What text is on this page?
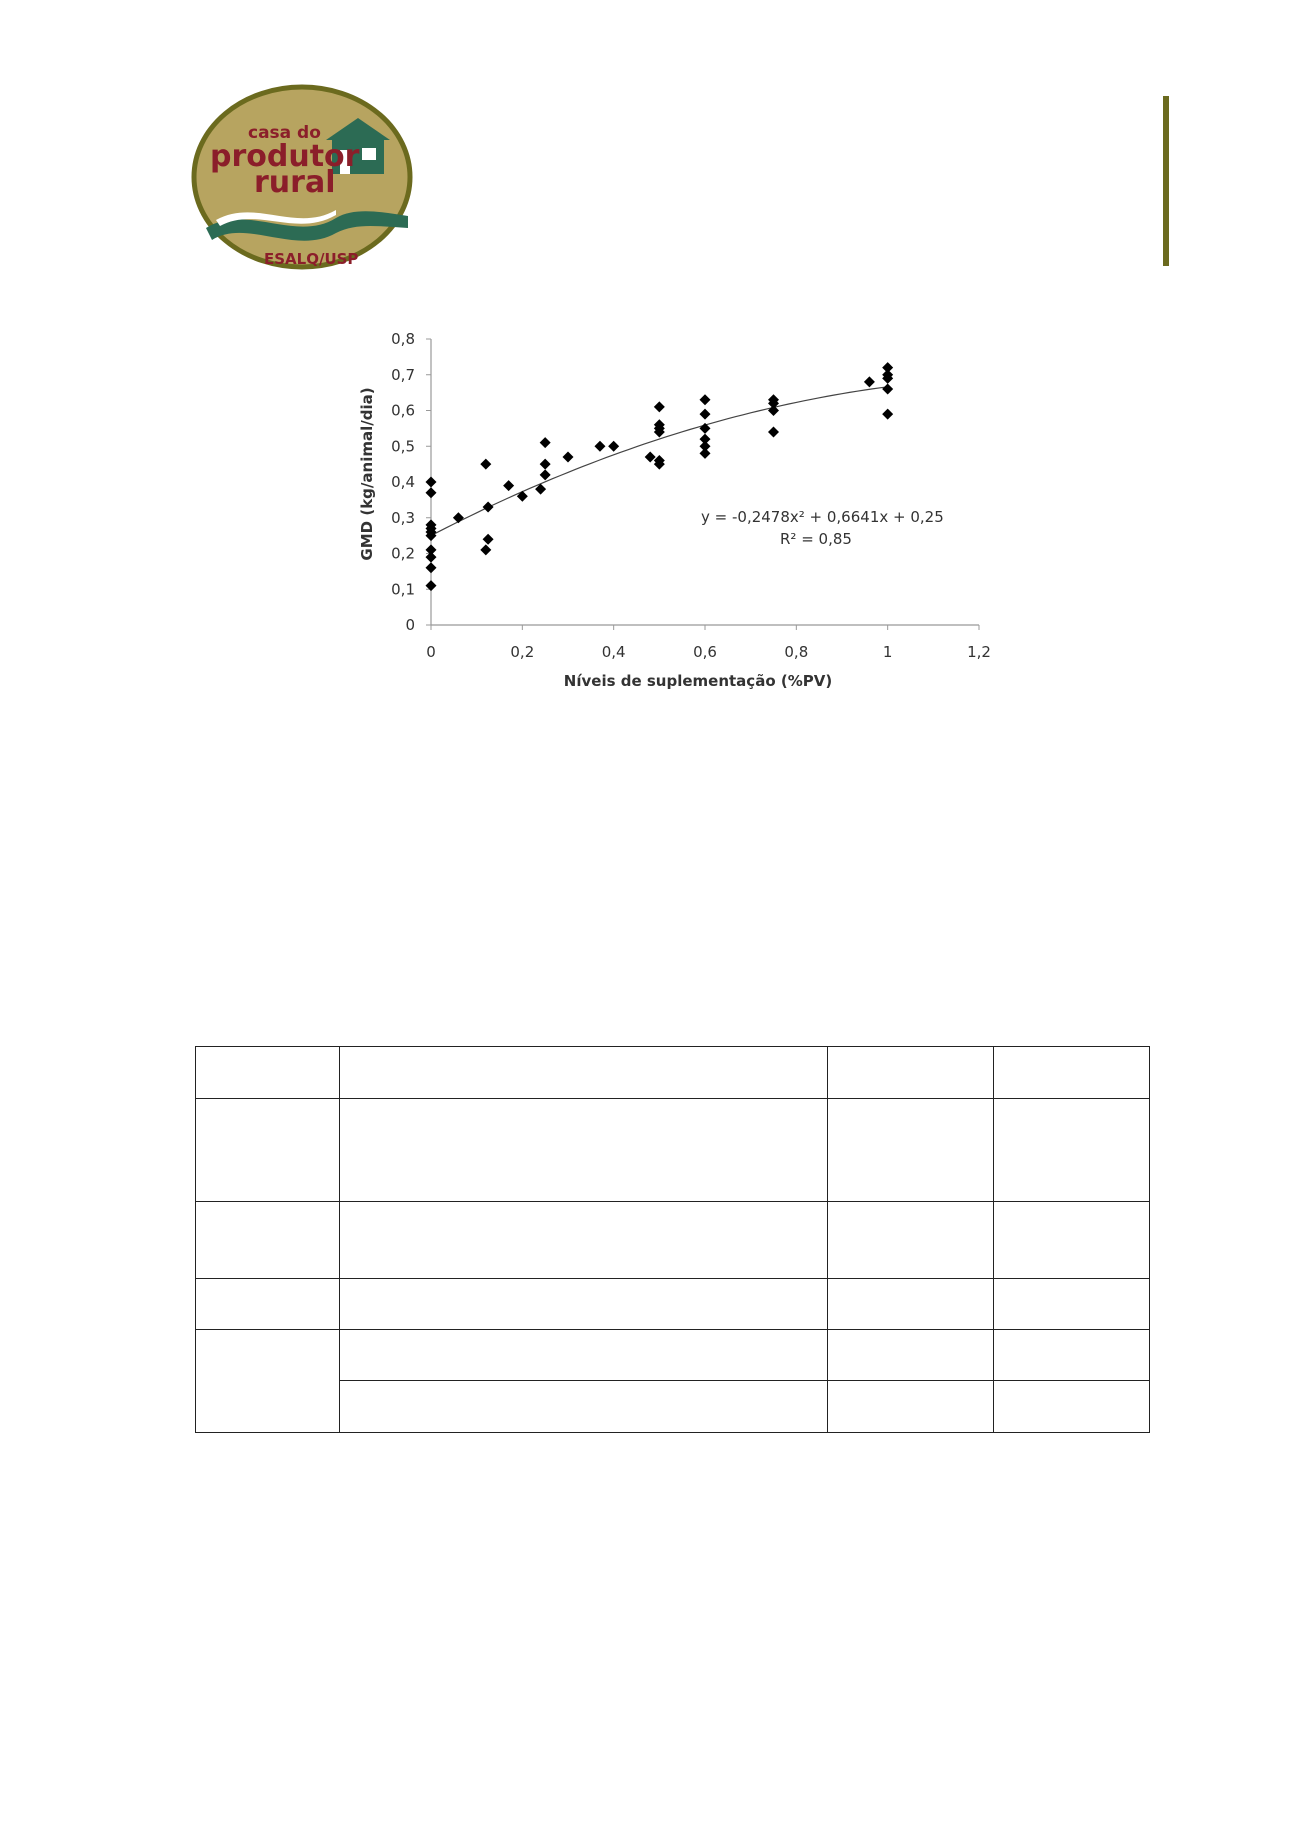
casa do
produtor
rural
ESALQ/USP
0	0,2	0,4	0,6	0,8	1	1,2
0
0,1
0,2
0,3
0,4
0,5
0,6
0,7
0,8
y = -0,2478x² + 0,6641x + 0,25
R² = 0,85
Níveis de suplementação (%PV)
GMD (kg/animal/dia)
